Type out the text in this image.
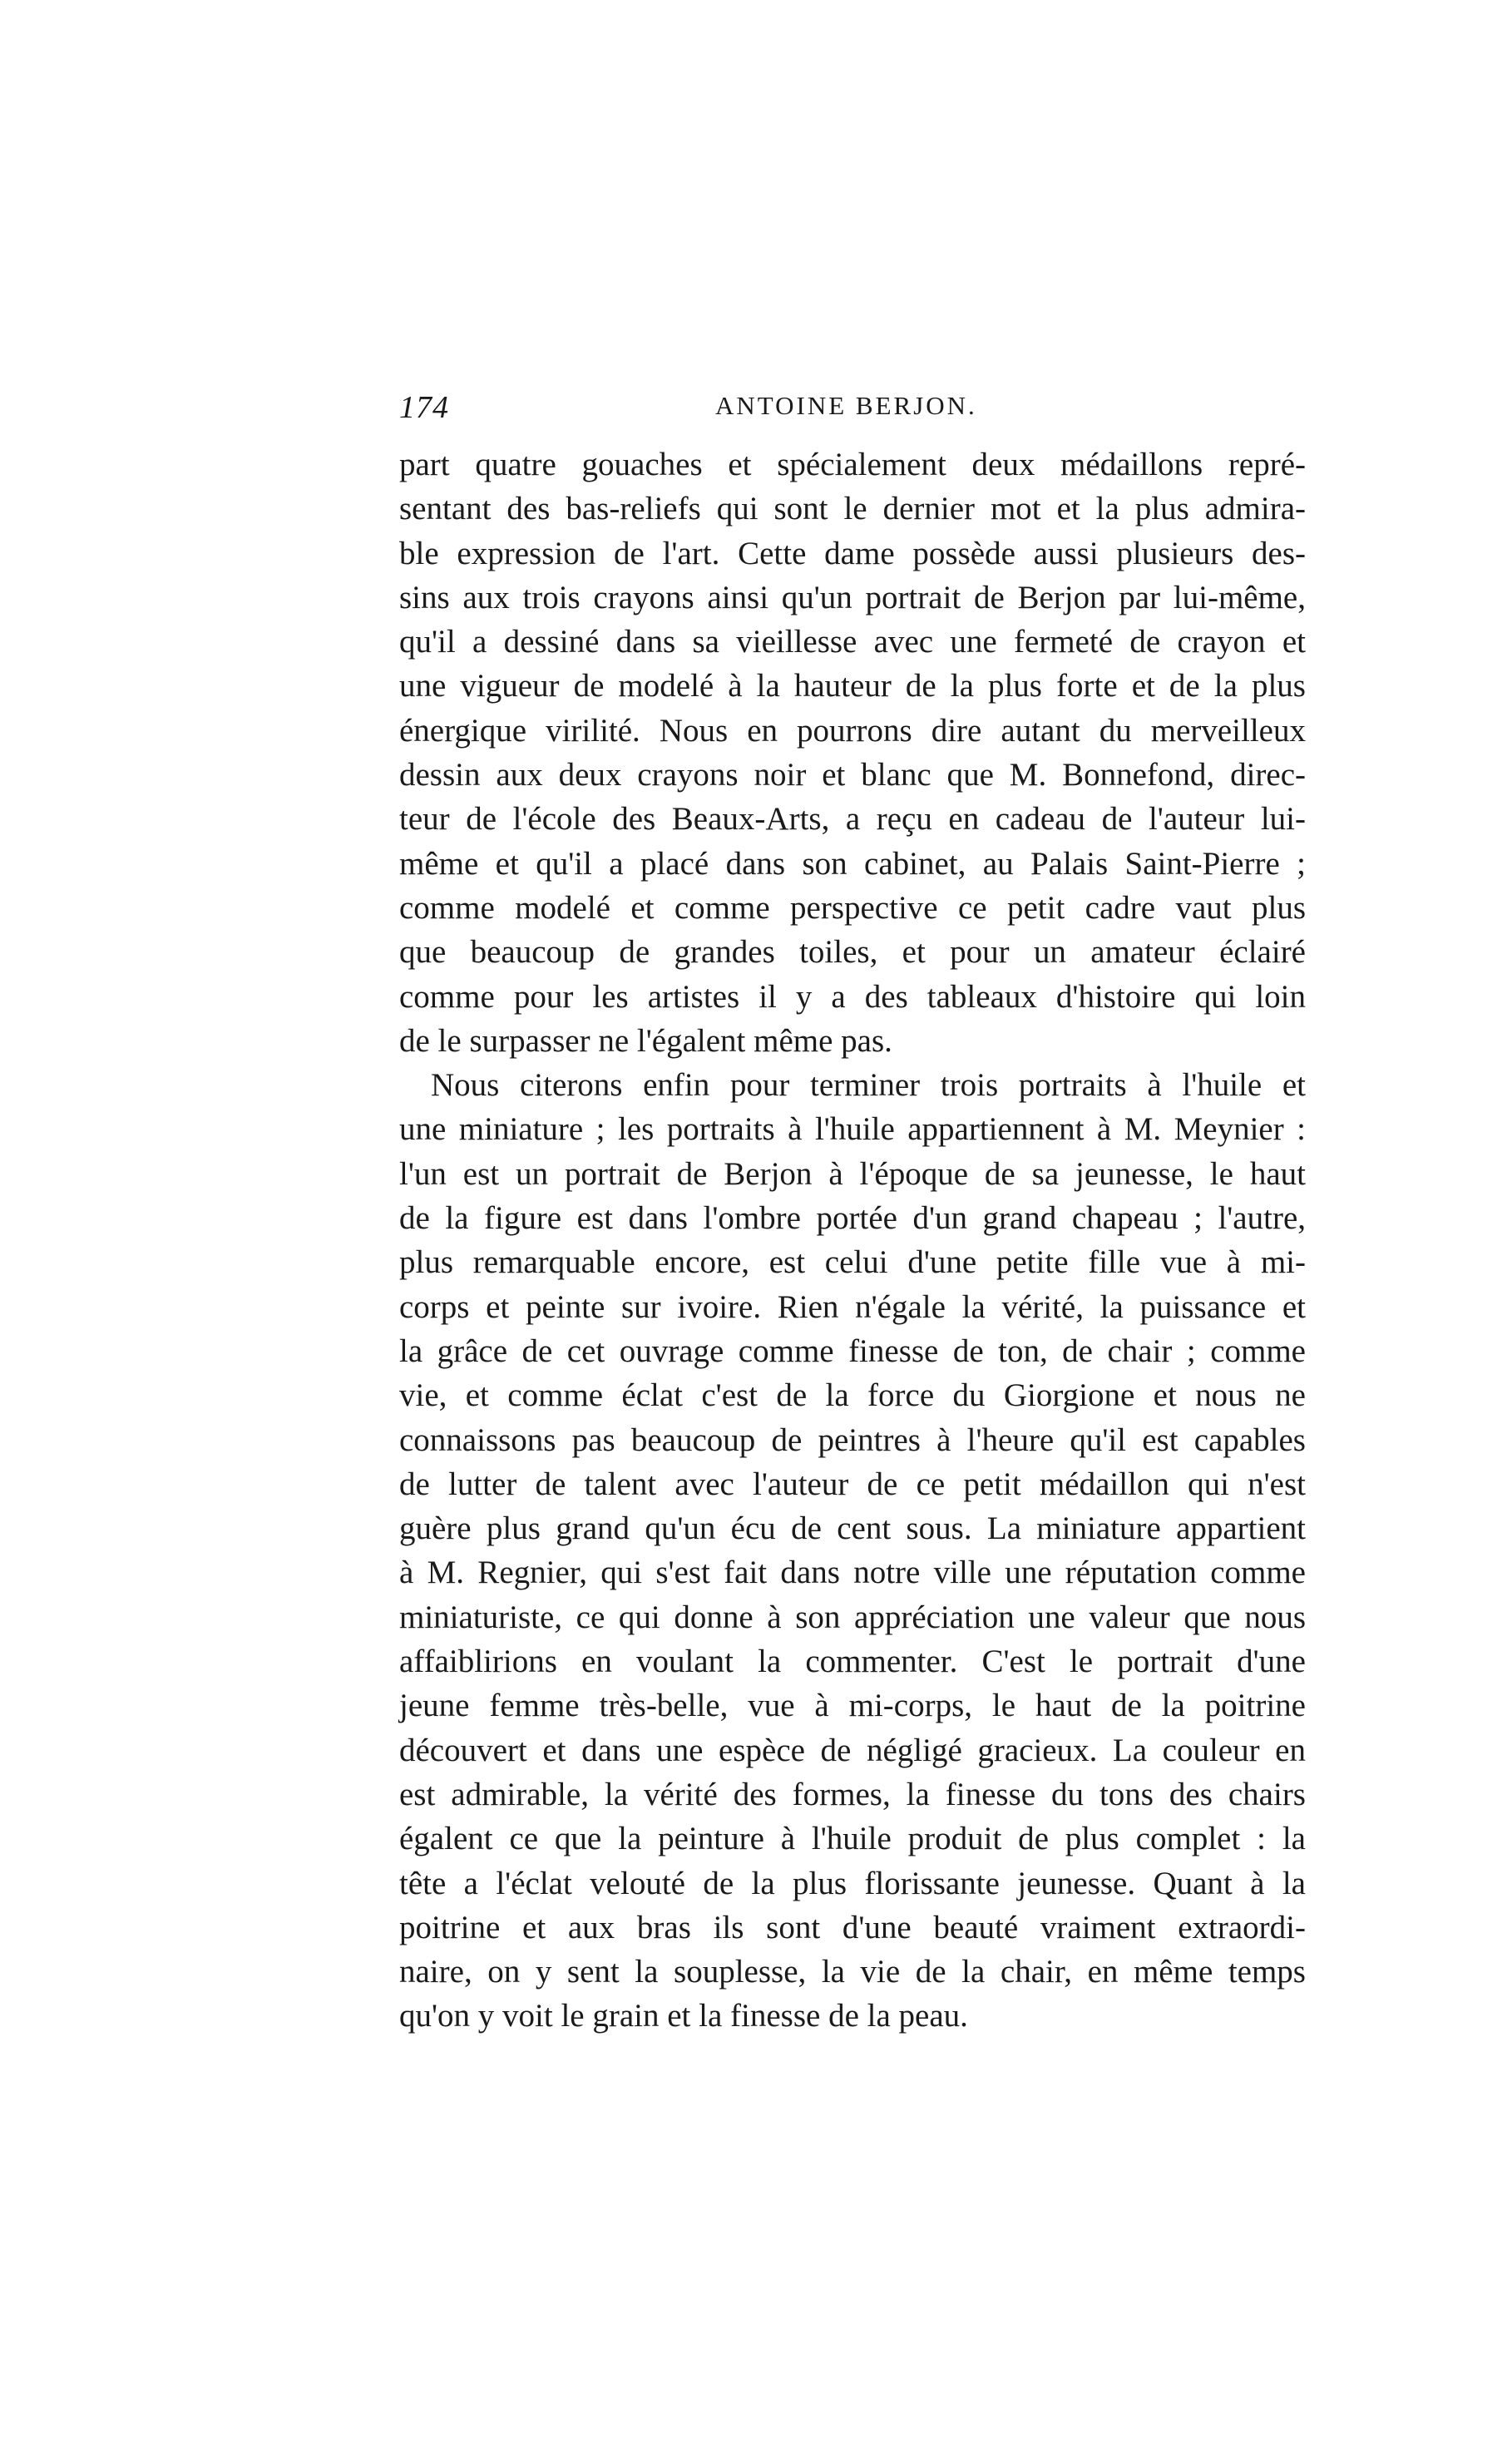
174	ANTOINE BERJON.
part quatre gouaches et spécialement deux médaillons repré-
sentant des bas-reliefs qui sont le dernier mot et la plus admira-
ble expression de l'art. Cette dame possède aussi plusieurs des-
sins aux trois crayons ainsi qu'un portrait de Berjon par lui-même,
qu'il a dessiné dans sa vieillesse avec une fermeté de crayon et
une vigueur de modelé à la hauteur de la plus forte et de la plus
énergique virilité. Nous en pourrons dire autant du merveilleux
dessin aux deux crayons noir et blanc que M. Bonnefond, direc-
teur de l'école des Beaux-Arts, a reçu en cadeau de l'auteur lui-
même et qu'il a placé dans son cabinet, au Palais Saint-Pierre ;
comme modelé et comme perspective ce petit cadre vaut plus
que beaucoup de grandes toiles, et pour un amateur éclairé
comme pour les artistes il y a des tableaux d'histoire qui loin
de le surpasser ne l'égalent même pas.
Nous citerons enfin pour terminer trois portraits à l'huile et
une miniature ; les portraits à l'huile appartiennent à M. Meynier :
l'un est un portrait de Berjon à l'époque de sa jeunesse, le haut
de la figure est dans l'ombre portée d'un grand chapeau ; l'autre,
plus remarquable encore, est celui d'une petite fille vue à mi-
corps et peinte sur ivoire. Rien n'égale la vérité, la puissance et
la grâce de cet ouvrage comme finesse de ton, de chair ; comme
vie, et comme éclat c'est de la force du Giorgione et nous ne
connaissons pas beaucoup de peintres à l'heure qu'il est capables
de lutter de talent avec l'auteur de ce petit médaillon qui n'est
guère plus grand qu'un écu de cent sous. La miniature appartient
à M. Regnier, qui s'est fait dans notre ville une réputation comme
miniaturiste, ce qui donne à son appréciation une valeur que nous
affaiblirions en voulant la commenter. C'est le portrait d'une
jeune femme très-belle, vue à mi-corps, le haut de la poitrine
découvert et dans une espèce de négligé gracieux. La couleur en
est admirable, la vérité des formes, la finesse du tons des chairs
égalent ce que la peinture à l'huile produit de plus complet : la
tête a l'éclat velouté de la plus florissante jeunesse. Quant à la
poitrine et aux bras ils sont d'une beauté vraiment extraordi-
naire, on y sent la souplesse, la vie de la chair, en même temps
qu'on y voit le grain et la finesse de la peau.
